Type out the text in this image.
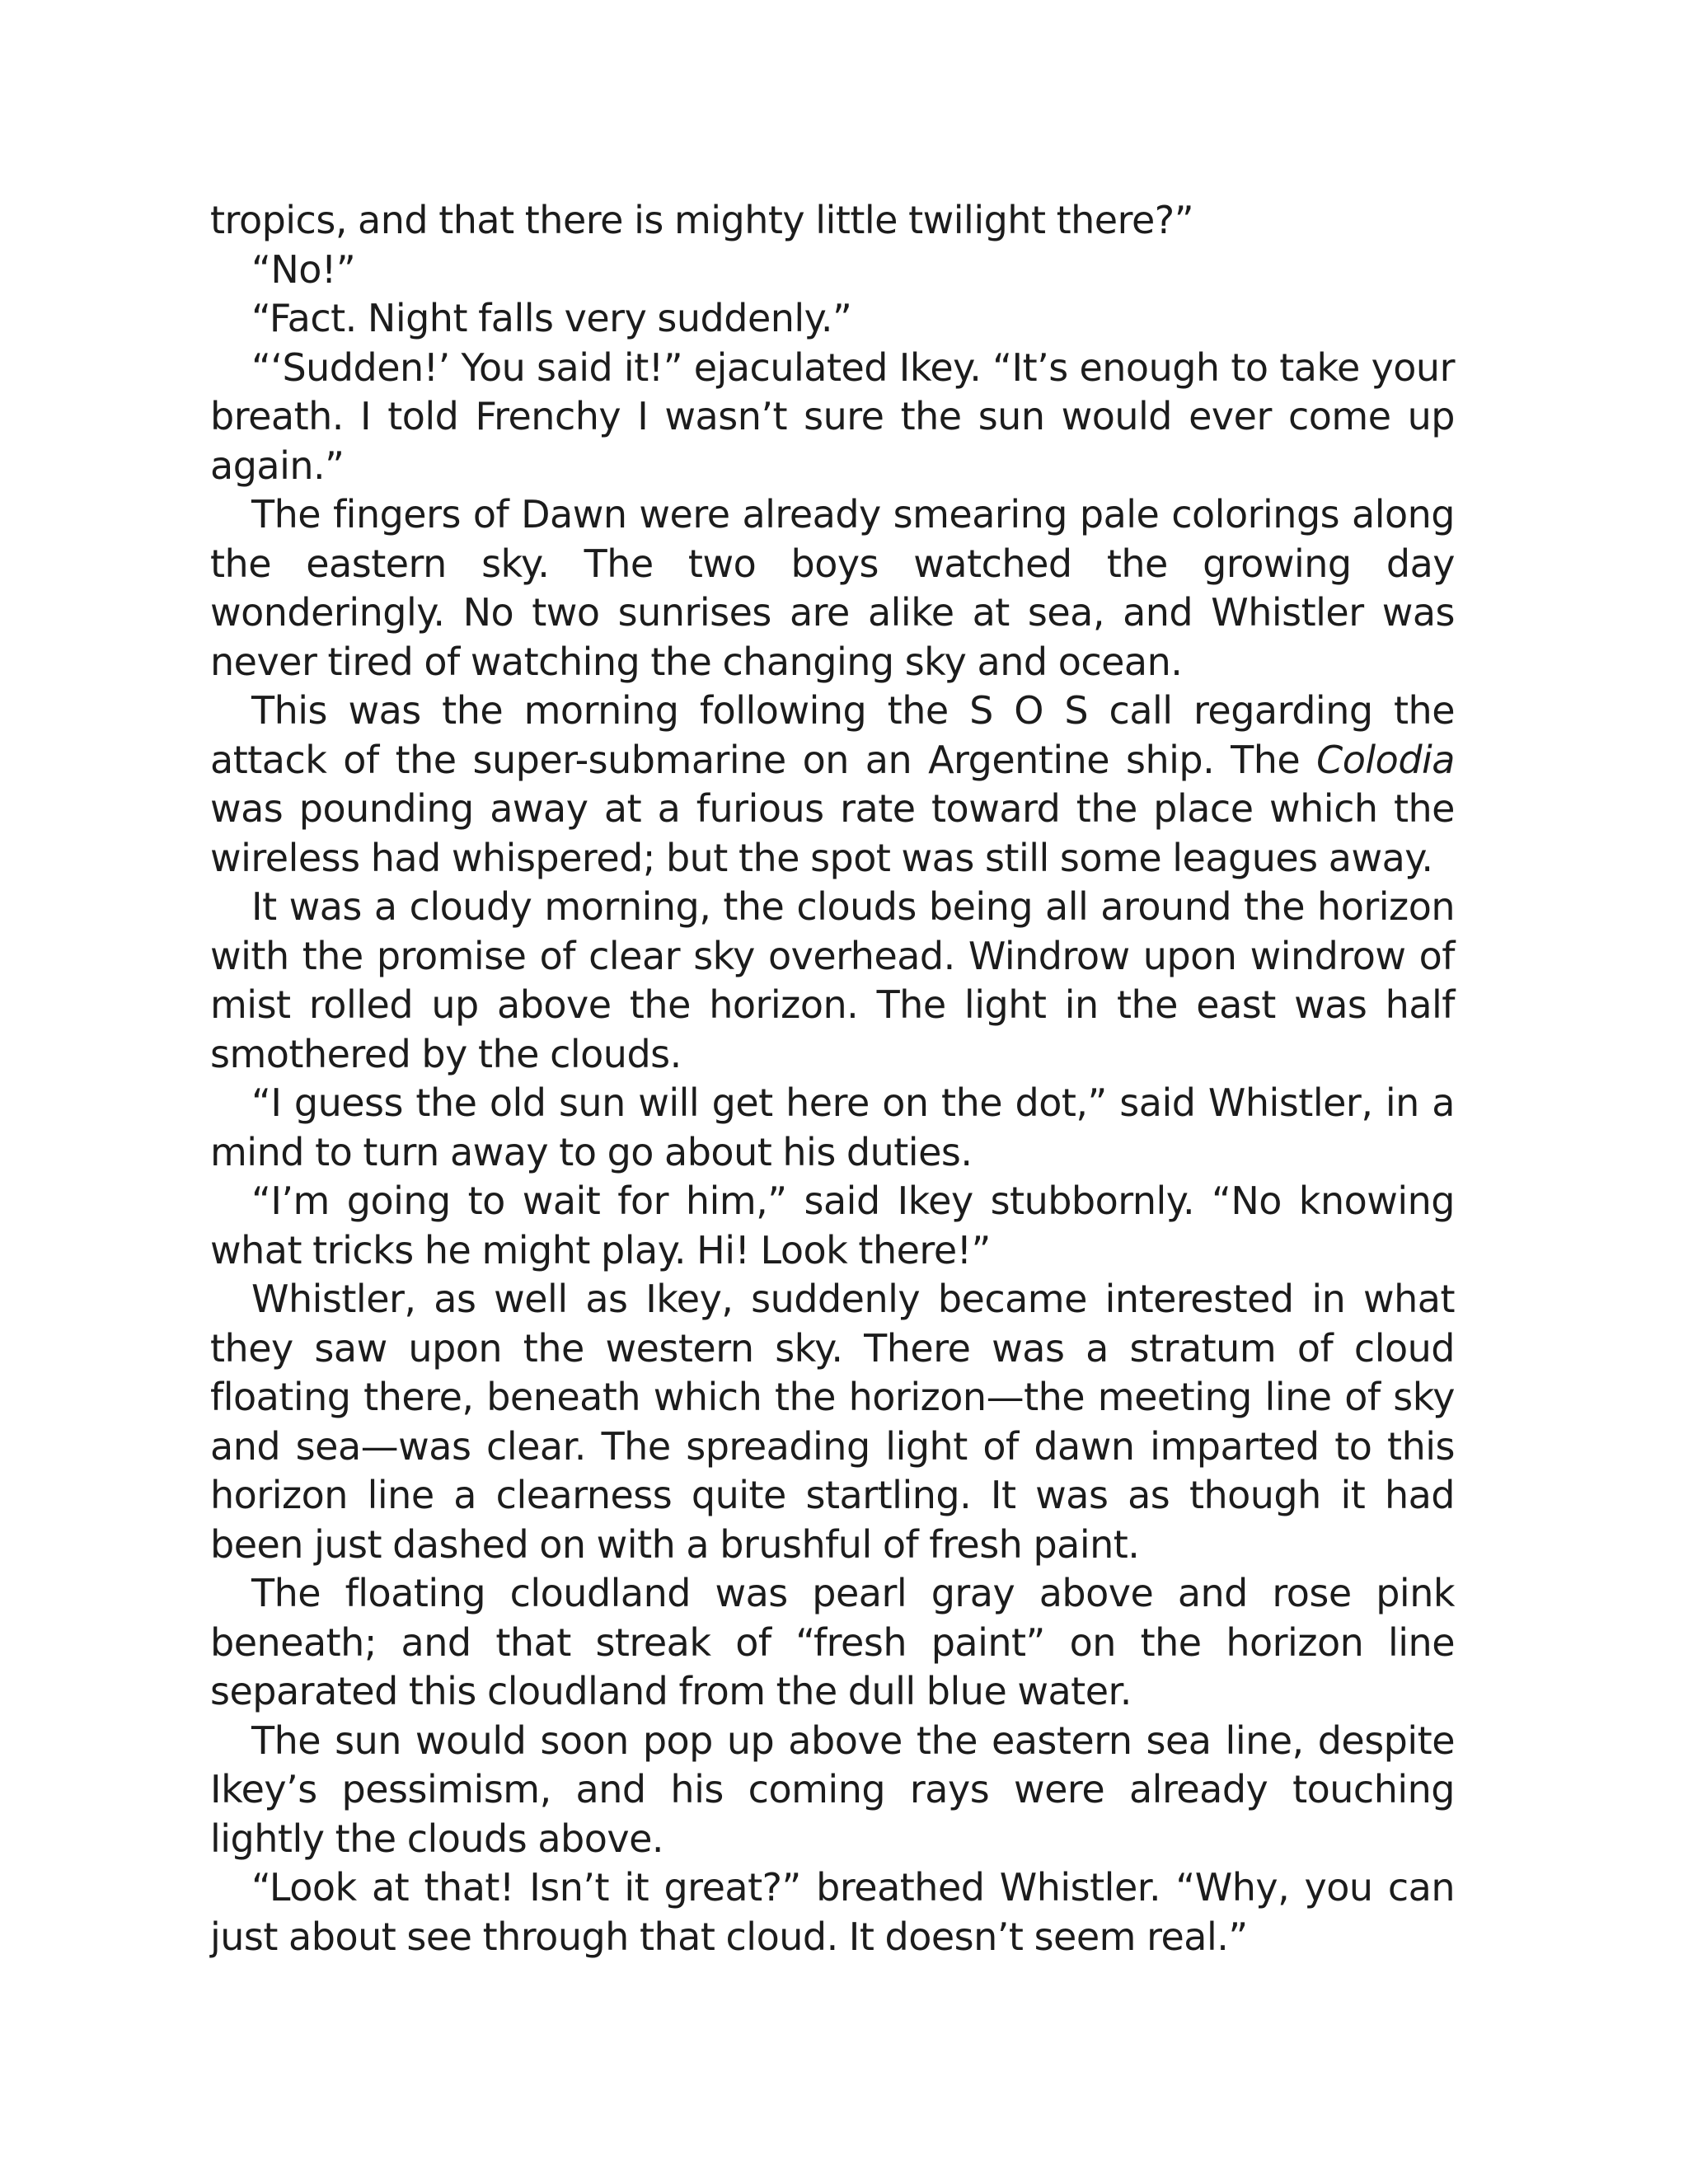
tropics, and that there is mighty little twilight there?”

“No!”

“Fact. Night falls very suddenly.”

“‘Sudden!’ You said it!” ejaculated Ikey. “It’s enough to take your breath. I told Frenchy I wasn’t sure the sun would ever come up again.”

The fingers of Dawn were already smearing pale colorings along the eastern sky. The two boys watched the growing day wonderingly. No two sunrises are alike at sea, and Whistler was never tired of watching the changing sky and ocean.

This was the morning following the S O S call regarding the attack of the super-submarine on an Argentine ship. The Colodia was pounding away at a furious rate toward the place which the wireless had whispered; but the spot was still some leagues away.

It was a cloudy morning, the clouds being all around the horizon with the promise of clear sky overhead. Windrow upon windrow of mist rolled up above the horizon. The light in the east was half smothered by the clouds.

“I guess the old sun will get here on the dot,” said Whistler, in a mind to turn away to go about his duties.

“I’m going to wait for him,” said Ikey stubbornly. “No knowing what tricks he might play. Hi! Look there!”

Whistler, as well as Ikey, suddenly became interested in what they saw upon the western sky. There was a stratum of cloud floating there, beneath which the horizon—the meeting line of sky and sea—was clear. The spreading light of dawn imparted to this horizon line a clearness quite startling. It was as though it had been just dashed on with a brushful of fresh paint.

The floating cloudland was pearl gray above and rose pink beneath; and that streak of “fresh paint” on the horizon line separated this cloudland from the dull blue water.

The sun would soon pop up above the eastern sea line, despite Ikey’s pessimism, and his coming rays were already touching lightly the clouds above.

“Look at that! Isn’t it great?” breathed Whistler. “Why, you can just about see through that cloud. It doesn’t seem real.”
